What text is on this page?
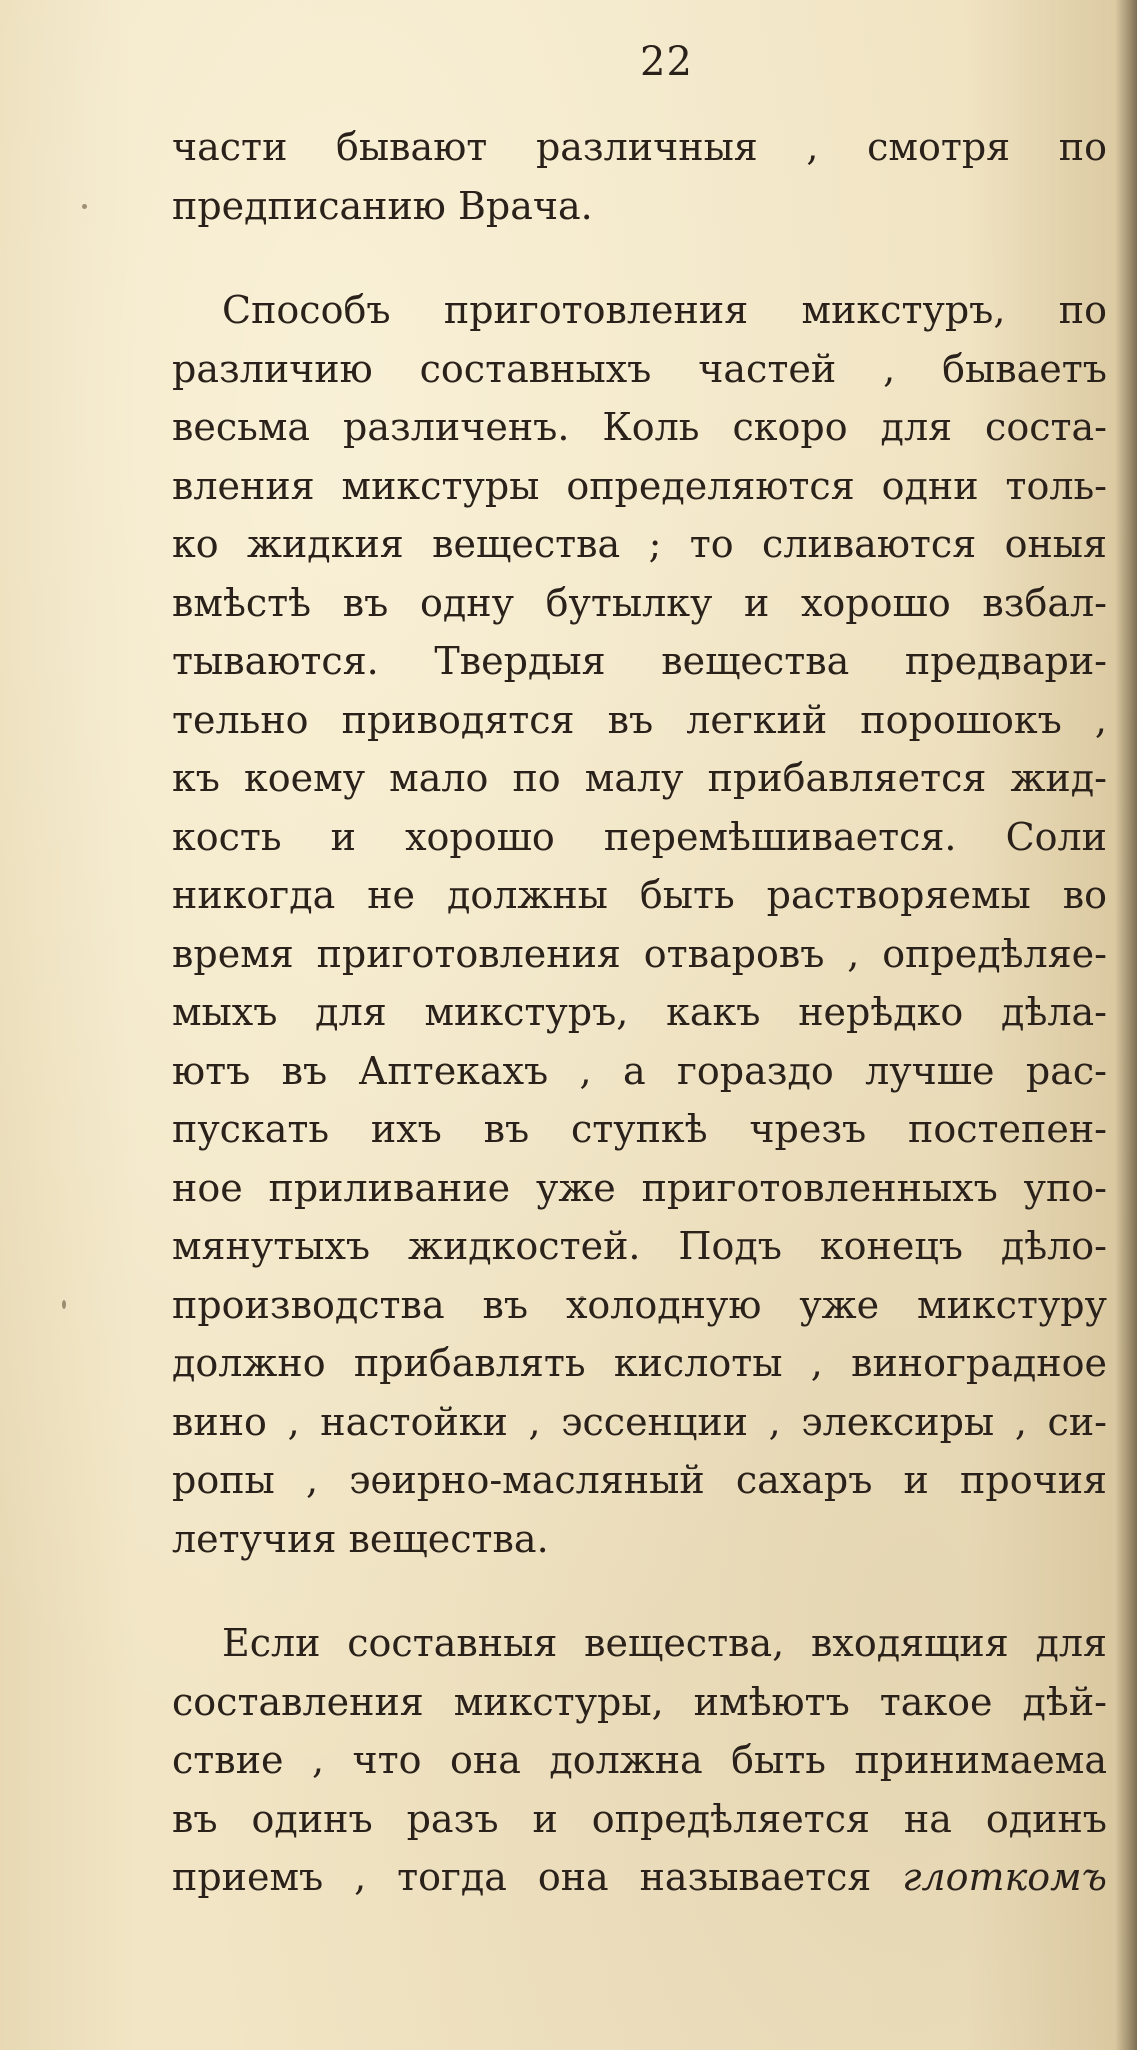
22
части бывают различныя , смотря по
предписанию Врача.
Способъ приготовления микстуръ, по
различию составныхъ частей , бываетъ
весьма различенъ. Коль скоро для соста-
вления микстуры определяются одни толь-
ко жидкия вещества ; то сливаются оныя
вмѣстѣ въ одну бутылку и хорошо взбал-
тываются. Твердыя вещества предвари-
тельно приводятся въ легкий порошокъ ,
къ коему мало по малу прибавляется жид-
кость и хорошо перемѣшивается. Соли
никогда не должны быть растворяемы во
время приготовления отваровъ , опредѣляе-
мыхъ для микстуръ, какъ нерѣдко дѣла-
ютъ въ Аптекахъ , а гораздо лучше рас-
пускать ихъ въ ступкѣ чрезъ постепен-
ное приливание уже приготовленныхъ упо-
мянутыхъ жидкостей. Подъ конецъ дѣло-
производства въ холодную уже микстуру
должно прибавлять кислоты , виноградное
вино , настойки , эссенции , элексиры , си-
ропы , эѳирно-масляный сахаръ и прочия
летучия вещества.
Если составныя вещества, входящия для
составления микстуры, имѣютъ такое дѣй-
ствие , что она должна быть принимаема
въ одинъ разъ и опредѣляется на одинъ
приемъ , тогда она называется глоткомъ
